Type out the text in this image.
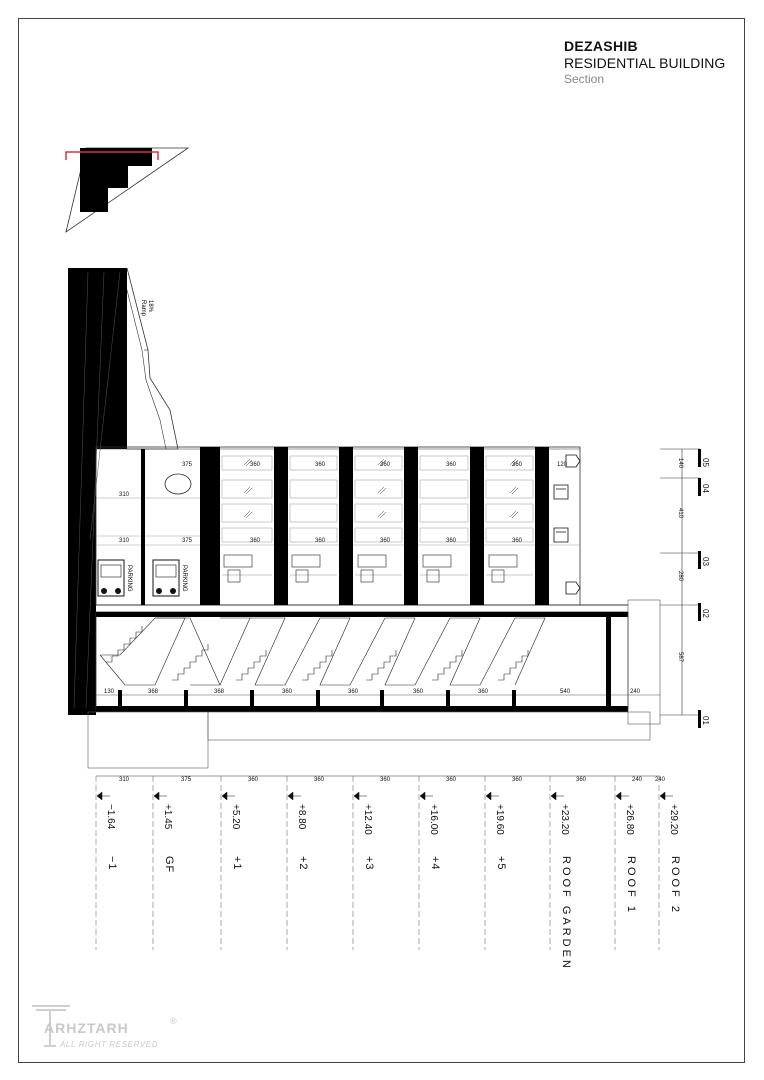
DEZASHIB
RESIDENTIAL BUILDING
Section
Ramp 18%
PARKING	PARKING
375	360	360	360	360	360	120
310
310	375	360	360	360	360	360
130	368	368	360	360	360	360	540	240
140
410
280
587
05
04
03
02
01
310	375	360	360	360	360	360	360	240 240
−1.64	+1.45	+5.20	+8.80	+12.40	+16.00	+19.60	+23.20	+26.80	+29.20
−1	GF	+1	+2	+3	+4	+5	ROOF GARDEN	ROOF 1	ROOF 2
ARHZTARH
ALL RIGHT RESERVED
®
